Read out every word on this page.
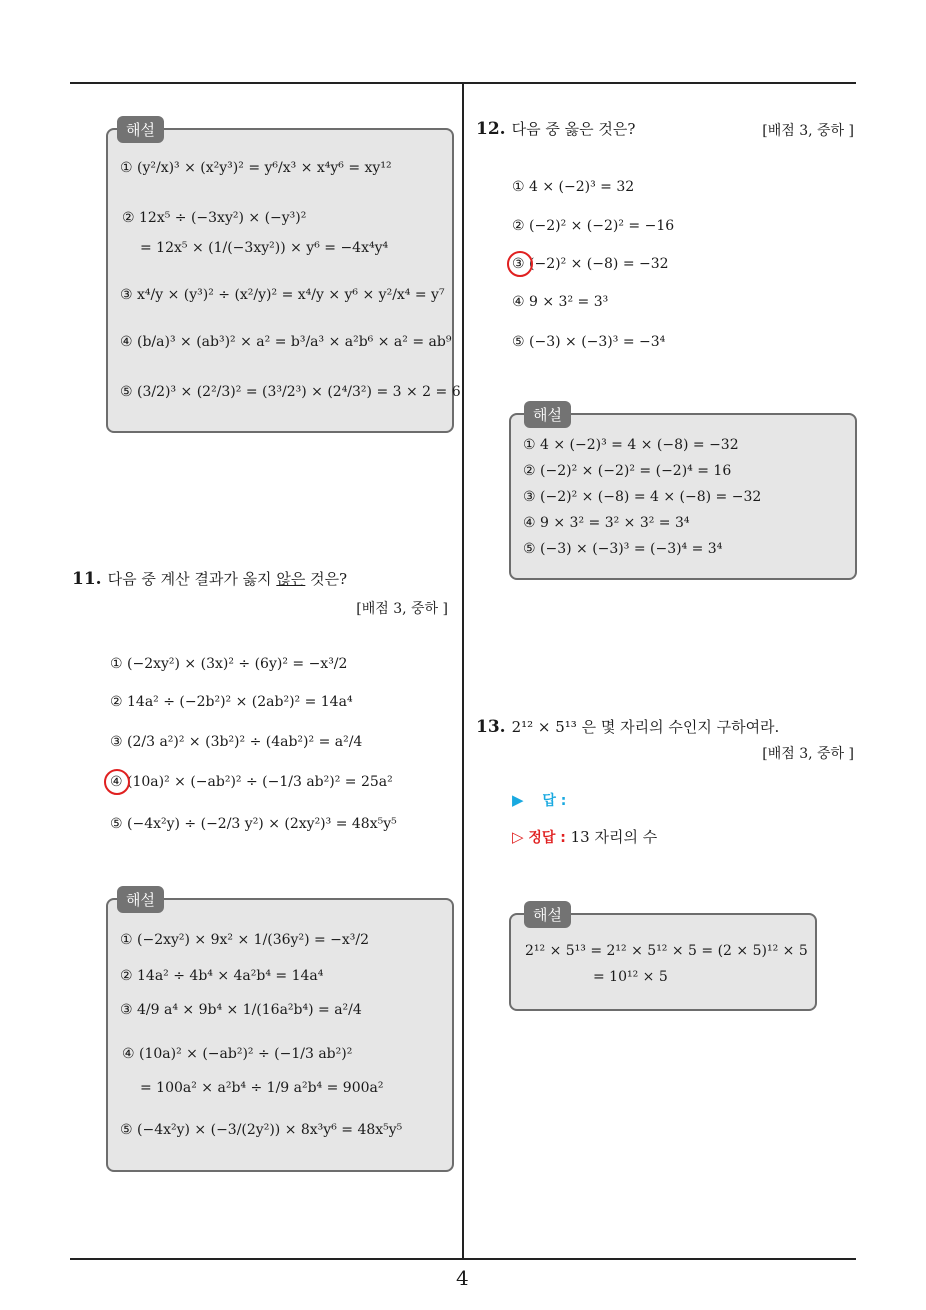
① (y²/x)³ × (x²y³)² = y⁶/x³ × x⁴y⁶ = xy¹²
② 12x⁵ ÷ (−3xy²) × (−y³)²
= 12x⁵ × (1/(−3xy²)) × y⁶ = −4x⁴y⁴
③ x⁴/y × (y³)² ÷ (x²/y)² = x⁴/y × y⁶ × y²/x⁴ = y⁷
④ (b/a)³ × (ab³)² × a² = b³/a³ × a²b⁶ × a² = ab⁹
⑤ (3/2)³ × (2²/3)² = (3³/2³) × (2⁴/3²) = 3 × 2 = 6
해설
11. 다음 중 계산 결과가 옳지 않은 것은?
[배점 3, 중하 ]
① (−2xy²) × (3x)² ÷ (6y)² = −x³/2
② 14a² ÷ (−2b²)² × (2ab²)² = 14a⁴
③ (2/3 a²)² × (3b²)² ÷ (4ab²)² = a²/4
④ (10a)² × (−ab²)² ÷ (−1/3 ab²)² = 25a²
⑤ (−4x²y) ÷ (−2/3 y²) × (2xy²)³ = 48x⁵y⁵
① (−2xy²) × 9x² × 1/(36y²) = −x³/2
② 14a² ÷ 4b⁴ × 4a²b⁴ = 14a⁴
③ 4/9 a⁴ × 9b⁴ × 1/(16a²b⁴) = a²/4
④ (10a)² × (−ab²)² ÷ (−1/3 ab²)²
= 100a² × a²b⁴ ÷ 1/9 a²b⁴ = 900a²
⑤ (−4x²y) × (−3/(2y²)) × 8x³y⁶ = 48x⁵y⁵
해설
12. 다음 중 옳은 것은?	[배점 3, 중하 ]
① 4 × (−2)³ = 32
② (−2)² × (−2)² = −16
③ (−2)² × (−8) = −32
④ 9 × 3² = 3³
⑤ (−3) × (−3)³ = −3⁴
① 4 × (−2)³ = 4 × (−8) = −32
② (−2)² × (−2)² = (−2)⁴ = 16
③ (−2)² × (−8) = 4 × (−8) = −32
④ 9 × 3² = 3² × 3² = 3⁴
⑤ (−3) × (−3)³ = (−3)⁴ = 3⁴
해설
13. 2¹² × 5¹³ 은 몇 자리의 수인지 구하여라.
[배점 3, 중하 ]
▶ 답 :
▷ 정답 : 13 자리의 수
2¹² × 5¹³ = 2¹² × 5¹² × 5 = (2 × 5)¹² × 5
= 10¹² × 5
해설
4
